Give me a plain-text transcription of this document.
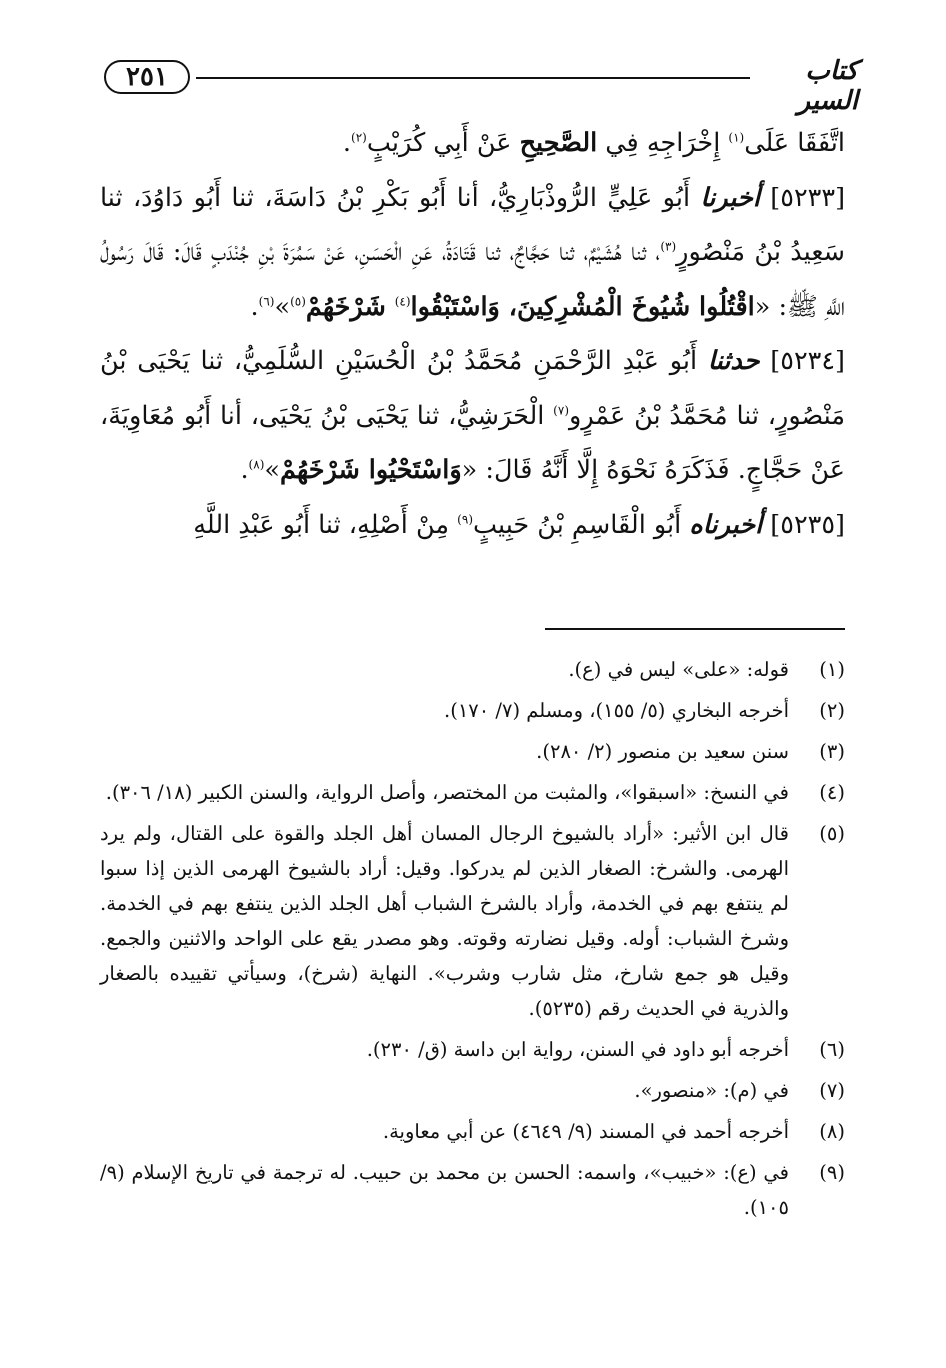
٢٥١	كتاب السير

اتَّفَقَا عَلَى$^{(١)}$ إِخْرَاجِهِ فِي الصَّحِيحِ عَنْ أَبِي كُرَيْبٍ$^{(٢)}$.

[٥٢٣٣] أخبرنا أَبُو عَلِيٍّ الرُّوذْبَارِيُّ، أنا أَبُو بَكْرِ بْنُ دَاسَةَ، ثنا أَبُو دَاوُدَ، ثنا سَعِيدُ بْنُ مَنْصُورٍ$^{(٣)}$، ثنا هُشَيْمٌ، ثنا حَجَّاجٌ، ثنا قَتَادَةُ، عَنِ الْحَسَنِ، عَنْ سَمُرَةَ بْنِ جُنْدَبٍ قَالَ: قَالَ رَسُولُ اللَّهِ ﷺ: «اقْتُلُوا شُيُوخَ الْمُشْرِكِينَ، وَاسْتَبْقُوا$^{(٤)}$ شَرْخَهُمْ$^{(٥)}$»$^{(٦)}$.

[٥٢٣٤] حدثنا أَبُو عَبْدِ الرَّحْمَنِ مُحَمَّدُ بْنُ الْحُسَيْنِ السُّلَمِيُّ، ثنا يَحْيَى بْنُ مَنْصُورٍ، ثنا مُحَمَّدُ بْنُ عَمْرٍو$^{(٧)}$ الْحَرَشِيُّ، ثنا يَحْيَى بْنُ يَحْيَى، أنا أَبُو مُعَاوِيَةَ، عَنْ حَجَّاجٍ. فَذَكَرَهُ نَحْوَهُ إِلَّا أَنَّهُ قَالَ: «وَاسْتَحْيُوا شَرْخَهُمْ»$^{(٨)}$.

[٥٢٣٥] أخبرناه أَبُو الْقَاسِمِ بْنُ حَبِيبٍ$^{(٩)}$ مِنْ أَصْلِهِ، ثنا أَبُو عَبْدِ اللَّهِ

(١)
قوله: «على» ليس في (ع).
(٢)
أخرجه البخاري (٥/ ١٥٥)، ومسلم (٧/ ١٧٠).
(٣)
سنن سعيد بن منصور (٢/ ٢٨٠).
(٤)
في النسخ: «اسبقوا»، والمثبت من المختصر، وأصل الرواية، والسنن الكبير (١٨/ ٣٠٦).
(٥)
قال ابن الأثير: «أراد بالشيوخ الرجال المسان أهل الجلد والقوة على القتال، ولم يرد الهرمى. والشرخ: الصغار الذين لم يدركوا. وقيل: أراد بالشيوخ الهرمى الذين إذا سبوا لم ينتفع بهم في الخدمة، وأراد بالشرخ الشباب أهل الجلد الذين ينتفع بهم في الخدمة. وشرخ الشباب: أوله. وقيل نضارته وقوته. وهو مصدر يقع على الواحد والاثنين والجمع. وقيل هو جمع شارخ، مثل شارب وشرب». النهاية (شرخ)، وسيأتي تقييده بالصغار والذرية في الحديث رقم (٥٢٣٥).
(٦)
أخرجه أبو داود في السنن، رواية ابن داسة (ق/ ٢٣٠).
(٧)
في (م): «منصور».
(٨)
أخرجه أحمد في المسند (٩/ ٤٦٤٩) عن أبي معاوية.
(٩)
في (ع): «خبيب»، واسمه: الحسن بن محمد بن حبيب. له ترجمة في تاريخ الإسلام (٩/ ١٠٥).
